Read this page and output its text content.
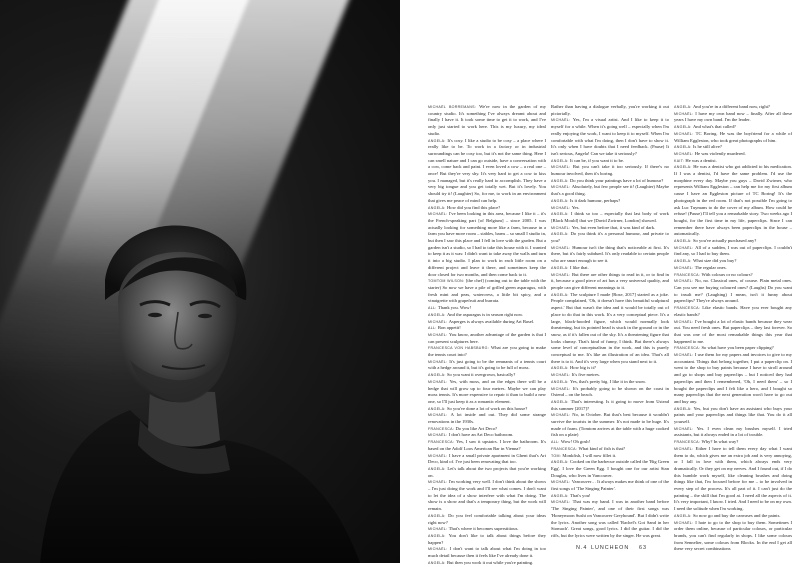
MICHAËL BORREMANS: We're now in the garden of my country studio. It's something I've always dreamt about and finally I have it. It took some time to get it to work, and I've only just started to work here. This is my luxury, my ideal studio.

ANGELA: It's cosy. I like a studio to be cosy – a place where I really like to be. To work in a factory or in industrial surroundings can be cosy too, but it's not the same thing. Here I can smell nature and I can go outside, have a conversation with a cow, come back and paint. I even loved a cow – a real one – once! But they're very shy. It's very hard to get a cow to kiss you. I managed, but it's really hard to accomplish. They have a very big tongue and you get totally wet. But it's lovely. You should try it! (Laughter) So, for me, to work in an environment that gives me peace of mind can help.

ANGELA: How did you find this place?

MICHAËL: I've been looking in this area, because I like it – it's the French-speaking part [of Belgium] – since 2005. I was actually looking for something more like a farm, because in a farm you have more room – stables, barns – so small I studio in, but then I saw this place and I fell in love with the garden. But a garden isn't a studio, so I had to take this house with it. I wanted to keep it as it was: I didn't want to take away the walls and turn it into a big studio. I plan to work in each little room on a different project and leave it there, and sometimes keep the door closed for two months, and then come back to it.

TOMTOM WILSON: [the chef] (coming out to the table with the starter) So now we have a pile of grilled green asparagus, with fresh mint and peas, watercress, a little bit spicy, and a vinaigrette with grapefruit and burrata.

ALL: Thank you. Wow!

ANGELA: And the asparagus is in season right now.

MICHAËL: Asperges is always available during Art Basel.

ALL: Bon appetit!

MICHAËL: You know, another advantage of the garden is that I can present sculptures here.

FRANCESCA VON HABSBURG: What are you going to make the tennis court into?

MICHAËL: It's just going to be the remnants of a tennis court with a hedge around it, but it's going to be full of moss.

ANGELA: So you want it overgrown, basically?

MICHAËL: Yes, with moss, and on the edges there will be a hedge that will grow up to four metres. Maybe we can play moss tennis. It's more expensive to repair it than to build a new one, so I'll just keep it as a romantic element.

ANGELA: So you've done a lot of work on this house?

MICHAËL: A lot inside and out. They did some strange renovations in the 1930s.

FRANCESCA: Do you like Art Deco?

MICHAËL: I don't have an Art Deco bathroom.

FRANCESCA: Yes, I saw it upstairs. I love the bathroom. It's based on the Adolf Loos American Bar in Vienna?

MICHAËL: I have a small private apartment in Ghent that's Art Deco, kind of. I've just been renovating that too.

ANGELA: Let's talk about the two projects that you're working on.

MICHAËL: I'm working very well. I don't think about the shows – I'm just doing the work and I'll see what comes. I don't want to let the idea of a show interfere with what I'm doing. The show is a show and that's a temporary thing, but the work will remain.

ANGELA: Do you feel comfortable talking about your ideas right now?

MICHAËL: That's where it becomes superstitious.

ANGELA: You don't like to talk about things before they happen?

MICHAËL: I don't want to talk about what I'm doing in too much detail because then it feels like I've already done it.

ANGELA: But then you work it out while you're painting.

Rather than having a dialogue verbally, you're working it out pictorially.

MICHAËL: Yes, I'm a visual artist. And I like to keep it to myself for a while. When it's going well – especially when I'm really enjoying the work, I want to keep it to myself. When I'm comfortable with what I'm doing, then I don't have to show it. It's only when I have doubts that I need feedback. (Pause) It isn't serious, Angela! Can we take it seriously?

ANGELA: It can be, if you want it to be.

MICHAËL: But you can't take it too seriously. If there's no humour involved, then it's boring.

ANGELA: Do you think your paintings have a lot of humour?

MICHAËL: Absolutely, but few people see it! (Laughter) Maybe that's a good thing.

ANGELA: Is it dark humour, perhaps?

MICHAËL: Yes.

ANGELA: I think so too – especially that last body of work [Black Mould] that we [David Zwirner, London] showed.

MICHAËL: Yes, but even before that, it was kind of dark.

ANGELA: Do you think it's a personal humour, and private to you?

MICHAËL: Humour isn't the thing that's noticeable at first. It's there, but it's fairly subdued. It's only readable to certain people who are smart enough to see it.

ANGELA: I like that.

MICHAËL: But there are other things to read in it, or to find in it, because a good piece of art has a very universal quality, and people can give different meanings to it.

ANGELA: The sculpture I made [Rose, 2017] started as a joke. People complained, 'Oh, it doesn't have this beautiful sculptural aspect.' But that wasn't the idea and it would be totally out of place to do that in this work. It's a very conceptual piece. It's a large, black-hooded figure, which would normally look threatening, but its pointed head is stuck in the ground or in the snow, as if it's fallen out of the sky. It's a threatening figure that looks clumsy. That's kind of funny, I think. But there's always some level of conceptualism in the work, and this is purely conceptual to me. It's like an illustration of an idea. That's all there is to it. And it's very large when you stand next to it.

ANGELA: How big is it?

MICHAËL: It's five metres.

ANGELA: Yes, that's pretty big. I like it in the snow.

MICHAËL: It's probably going to be shown on the coast in Ostend – on the beach.

ANGELA: That's interesting. Is it going to move from Ustead this summer [2017]?

MICHAËL: No, in October. But that's best because it wouldn't survive the tourists in the summer. It's not made to be huge. It's made of foam. (Tomtom arrives at the table with a huge cooked fish on a plate)

ALL: Wow! Oh gosh!

FRANCESCA: What kind of fish is that?

TOM: Monkfish, I will now fillet it.

ANGELA: Cooked on the barbecue outside called the 'Big Green Egg'. I love the Green Egg. I bought one for our artist Stan Douglas, who lives in Vancouver.

MICHAËL: Vancouver… It always makes me think of one of the first songs of 'The Singing Painter'.

ANGELA: That's you!

MICHAËL: That was my band. I was in another band before 'The Singing Painter', and one of their first songs was 'Honeymoon Sushi on Vancouver Greyhound'. But I didn't write the lyrics. Another song was called 'Rachel's Got Sand in her Stomach'. Great songs, good lyrics. I did the guitar. I did the riffs, but the lyrics were written by the singer. He was great.

ANGELA: And you're in a different band now, right?

MICHAËL: I have my own band now – finally. After all these years I have my own band. I'm the leader.

ANGELA: And what's that called?

MICHAËL: TC Boring. He was the boyfriend for a while of William Eggleston, who took great photographs of him.

ANGELA: Is he still alive?

MICHAËL: He was violently murdered.

KAIT: He was a dentist.

ANGELA: He was a dentist who got addicted to his medication. If I was a dentist, I'd have the same problem. I'd use the morphine every day. Maybe you guys – David Zwirner, who represents William Eggleston – can help me for my first album cause I have an Eggleston picture of TC Boring! It's the photograph in the red room. If that's not possible I'm going to ask Luc Tuymans to do the cover of my album. How could he refuse! (Pause) I'll tell you a remarkable story. Two weeks ago I bought, for the first time in my life, paperclips. Since I can remember there have always been paperclips in the house – automatically.

ANGELA: So you've actually purchased any?

MICHAËL: All of a sudden, I was out of paperclips. I couldn't find any, so I had to buy them.

ANGELA: What size did you buy?

MICHAËL: The regular ones.

FRANCESCA: With colours or no colours?

MICHAËL: No, no. Classical ones, of course. Plain metal ones. Can you see me buying coloured ones? (Laughs) Do you want to insult me? (Laughing) I mean, isn't it funny about paperclips? They're always around.

FRANCESCA: Like elastic bands. Have you ever bought any elastic bands?

MICHAËL: I've bought a lot of elastic bands because they wear out. You need fresh ones. But paperclips – they last forever. So that was one of the most remarkable things this year that happened to me.

FRANCESCA: So what have you been paper clipping?

MICHAËL: I use them for my papers and invoices to give to my accountant. Things that belong together, I put a paperclip on. I went to the shop to buy paints because I have to stroll around and go to shops and buy paperclips – but I noticed they had paperclips and then I remembered, 'Oh, I need them' – so I bought the paperclips and I felt like a hero, and I bought so many paperclips that the next generation won't have to go out and buy any.

ANGELA: Yes, but you don't have an assistant who buys your paints and your paperclips and things like that. You do it all yourself.

MICHAËL: Yes. I even clean my brushes myself. I tried assistants, but it always ended in a lot of trouble.

FRANCESCA: Why? In what way?

MICHAËL: Either I have to tell them every day what I want them to do, which gives me an extra job and is very annoying, or I fall in love with them, which always ends very dramatically. Or they get on my nerves. And I found out, if I do this humble work myself, like cleaning brushes and doing things like that, I'm focused before for me – to be involved in every step of the process. It's all part of it. I can't just do the painting – the skill that I'm good at. I need all the aspects of it. It's very important, I know. I tried. And I need to be on my own. I need the solitude when I'm working.

ANGELA: So now go and buy the canvases and the paints.

MICHAËL: I hate to go to the shop to buy them. Sometimes I order them online, because of particular colours, or particular brands, you can't find regularly in shops. I like some colours from Sennelier, some colours from Blockx. In the end I get all these very secret combinations

N.4 LUNCHEON 63
